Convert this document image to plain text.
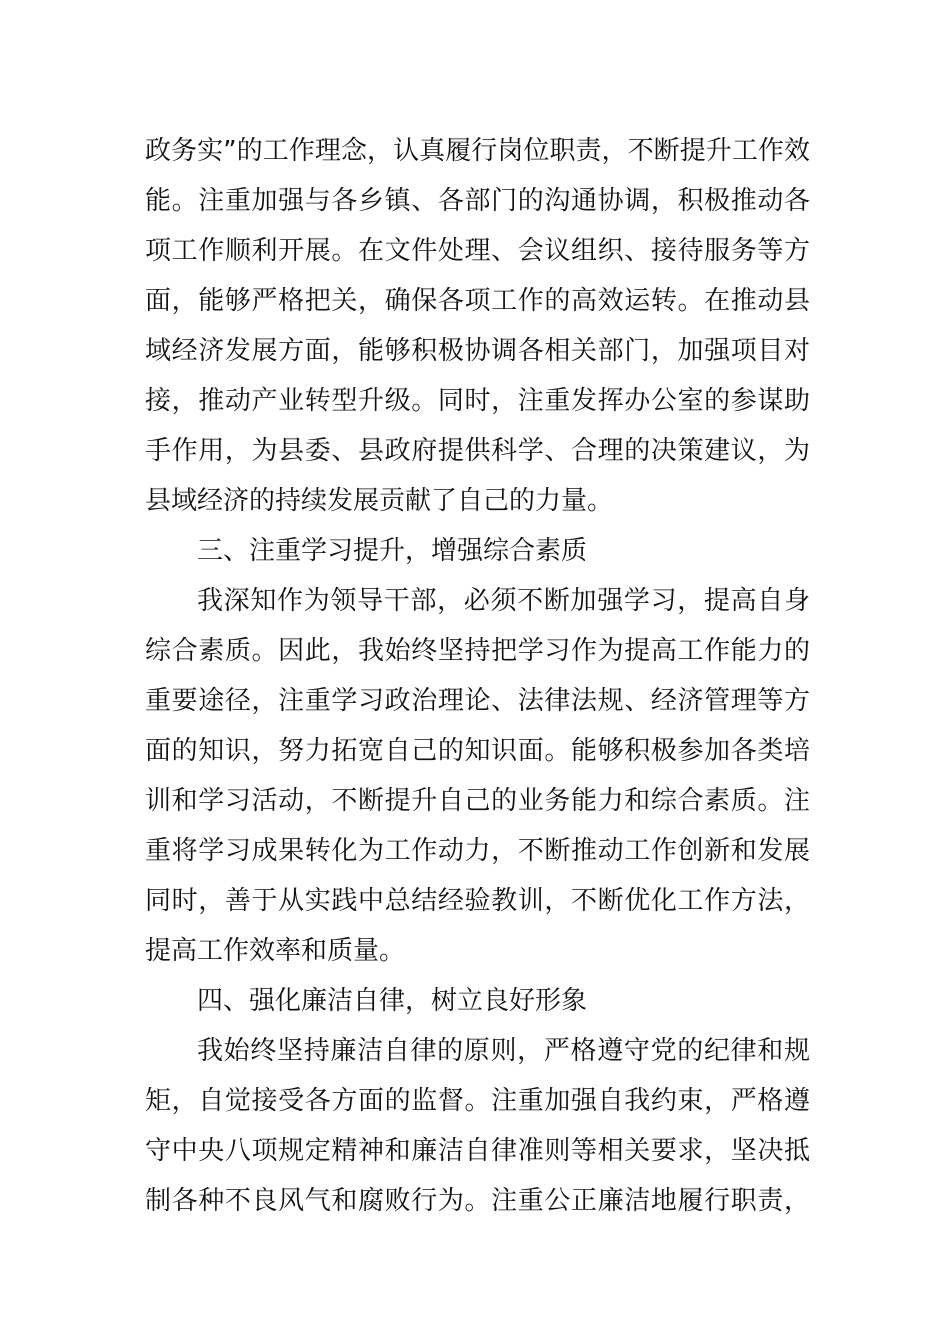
政务实”的工作理念，认真履行岗位职责，不断提升工作效
能。注重加强与各乡镇、各部门的沟通协调，积极推动各
项工作顺利开展。在文件处理、会议组织、接待服务等方
面，能够严格把关，确保各项工作的高效运转。在推动县
域经济发展方面，能够积极协调各相关部门，加强项目对
接，推动产业转型升级。同时，注重发挥办公室的参谋助
手作用，为县委、县政府提供科学、合理的决策建议，为
县域经济的持续发展贡献了自己的力量。
三、注重学习提升，增强综合素质
我深知作为领导干部，必须不断加强学习，提高自身
综合素质。因此，我始终坚持把学习作为提高工作能力的
重要途径，注重学习政治理论、法律法规、经济管理等方
面的知识，努力拓宽自己的知识面。能够积极参加各类培
训和学习活动，不断提升自己的业务能力和综合素质。注
重将学习成果转化为工作动力，不断推动工作创新和发展
同时，善于从实践中总结经验教训，不断优化工作方法，
提高工作效率和质量。
四、强化廉洁自律，树立良好形象
我始终坚持廉洁自律的原则，严格遵守党的纪律和规
矩，自觉接受各方面的监督。注重加强自我约束，严格遵
守中央八项规定精神和廉洁自律准则等相关要求，坚决抵
制各种不良风气和腐败行为。注重公正廉洁地履行职责，
